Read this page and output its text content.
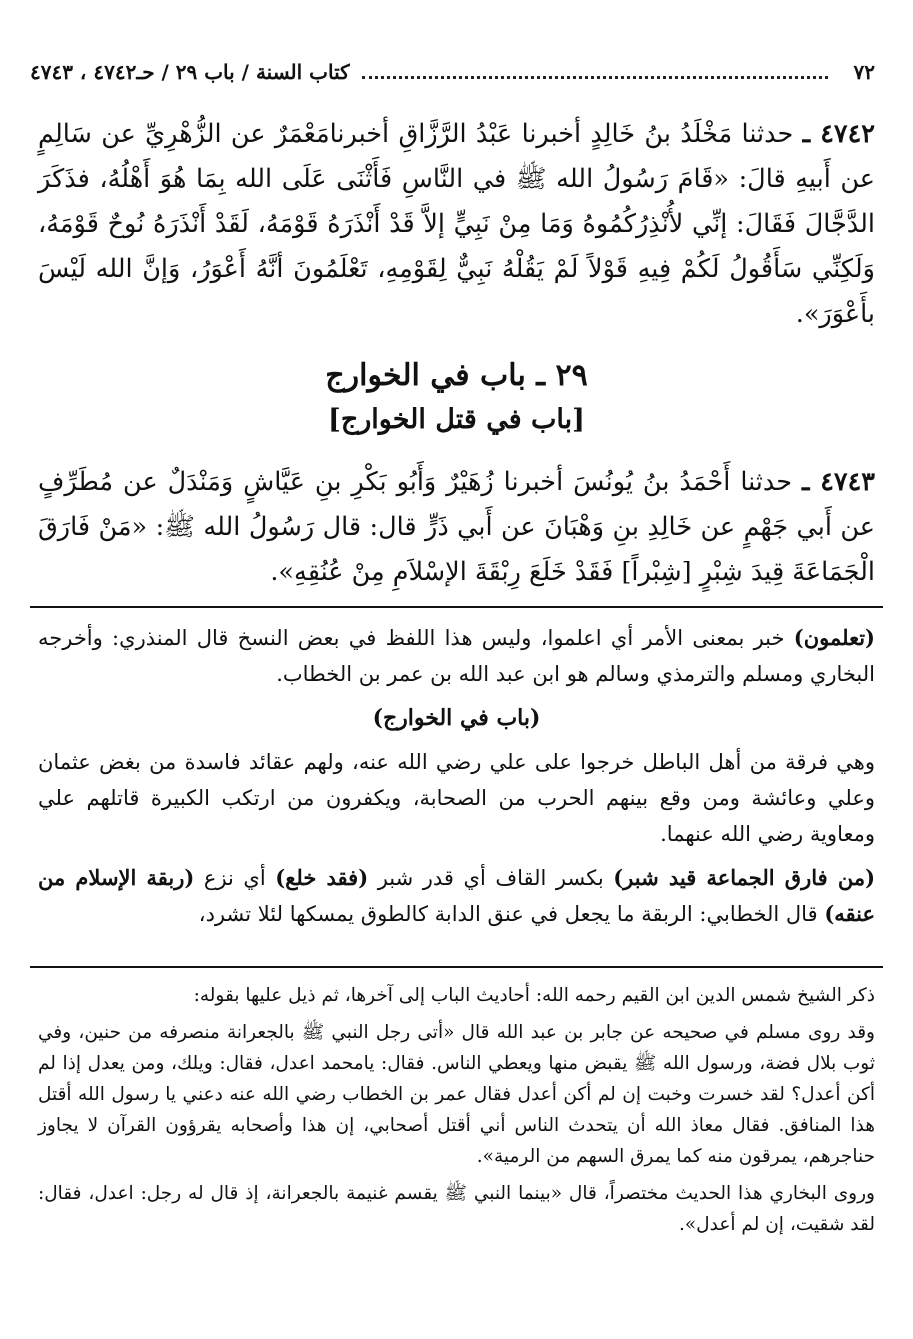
٧٢
كتاب السنة / باب ٢٩ / حـ٤٧٤٢ ، ٤٧٤٣

٤٧٤٢ ـ حدثنا مَخْلَدُ بنُ خَالِدٍ أخبرنا عَبْدُ الرَّزَّاقِ أخبرنامَعْمَرٌ عن الزُّهْرِيِّ عن سَالِمٍ عن أَبيهِ قالَ: «قَامَ رَسُولُ الله ﷺ في النَّاسِ فَأَثْنَى عَلَى الله بِمَا هُوَ أَهْلُهُ، فذَكَرَ الدَّجَّالَ فَقَالَ: إنِّي لأُنْذِرُكُمُوهُ وَمَا مِنْ نَبِيٍّ إلاَّ قَدْ أَنْذَرَهُ قَوْمَهُ، لَقَدْ أَنْذَرَهُ نُوحٌ قَوْمَهُ، وَلَكِنِّي سَأَقُولُ لَكُمْ فِيهِ قَوْلاً لَمْ يَقُلْهُ نَبِيٌّ لِقَوْمِهِ، تَعْلَمُونَ أنَّهُ أَعْوَرُ، وَإنَّ الله لَيْسَ بأَعْوَرَ».

٢٩ ـ باب في الخوارج

[باب في قتل الخوارج]

٤٧٤٣ ـ حدثنا أَحْمَدُ بنُ يُونُسَ أخبرنا زُهَيْرٌ وَأَبُو بَكْرِ بنِ عَيَّاشٍ وَمَنْدَلٌ عن مُطَرِّفٍ عن أَبي جَهْمٍ عن خَالِدِ بنِ وَهْبَانَ عن أَبي ذَرٍّ قال: قال رَسُولُ الله ﷺ: «مَنْ فَارَقَ الْجَمَاعَةَ قِيدَ شِبْرٍ [شِبْراً] فَقَدْ خَلَعَ رِبْقَةَ الإسْلاَمِ مِنْ عُنُقِهِ».

(تعلمون) خبر بمعنى الأمر أي اعلموا، وليس هذا اللفظ في بعض النسخ قال المنذري: وأخرجه البخاري ومسلم والترمذي وسالم هو ابن عبد الله بن عمر بن الخطاب.

(باب في الخوارج)

وهي فرقة من أهل الباطل خرجوا على علي رضي الله عنه، ولهم عقائد فاسدة من بغض عثمان وعلي وعائشة ومن وقع بينهم الحرب من الصحابة، ويكفرون من ارتكب الكبيرة قاتلهم علي ومعاوية رضي الله عنهما.

(من فارق الجماعة قيد شبر) بكسر القاف أي قدر شبر (فقد خلع) أي نزع (ربقة الإسلام من عنقه) قال الخطابي: الربقة ما يجعل في عنق الدابة كالطوق يمسكها لئلا تشرد،

ذكر الشيخ شمس الدين ابن القيم رحمه الله: أحاديث الباب إلى آخرها، ثم ذيل عليها بقوله:

وقد روى مسلم في صحيحه عن جابر بن عبد الله قال «أتى رجل النبي ﷺ بالجعرانة منصرفه من حنين، وفي ثوب بلال فضة، ورسول الله ﷺ يقبض منها ويعطي الناس. فقال: يامحمد اعدل، فقال: ويلك، ومن يعدل إذا لم أكن أعدل؟ لقد خسرت وخبت إن لم أكن أعدل فقال عمر بن الخطاب رضي الله عنه دعني يا رسول الله أقتل هذا المنافق. فقال معاذ الله أن يتحدث الناس أني أقتل أصحابي، إن هذا وأصحابه يقرؤون القرآن لا يجاوز حناجرهم، يمرقون منه كما يمرق السهم من الرمية».

وروى البخاري هذا الحديث مختصراً، قال «بينما النبي ﷺ يقسم غنيمة بالجعرانة، إذ قال له رجل: اعدل، فقال: لقد شقيت، إن لم أعدل».
